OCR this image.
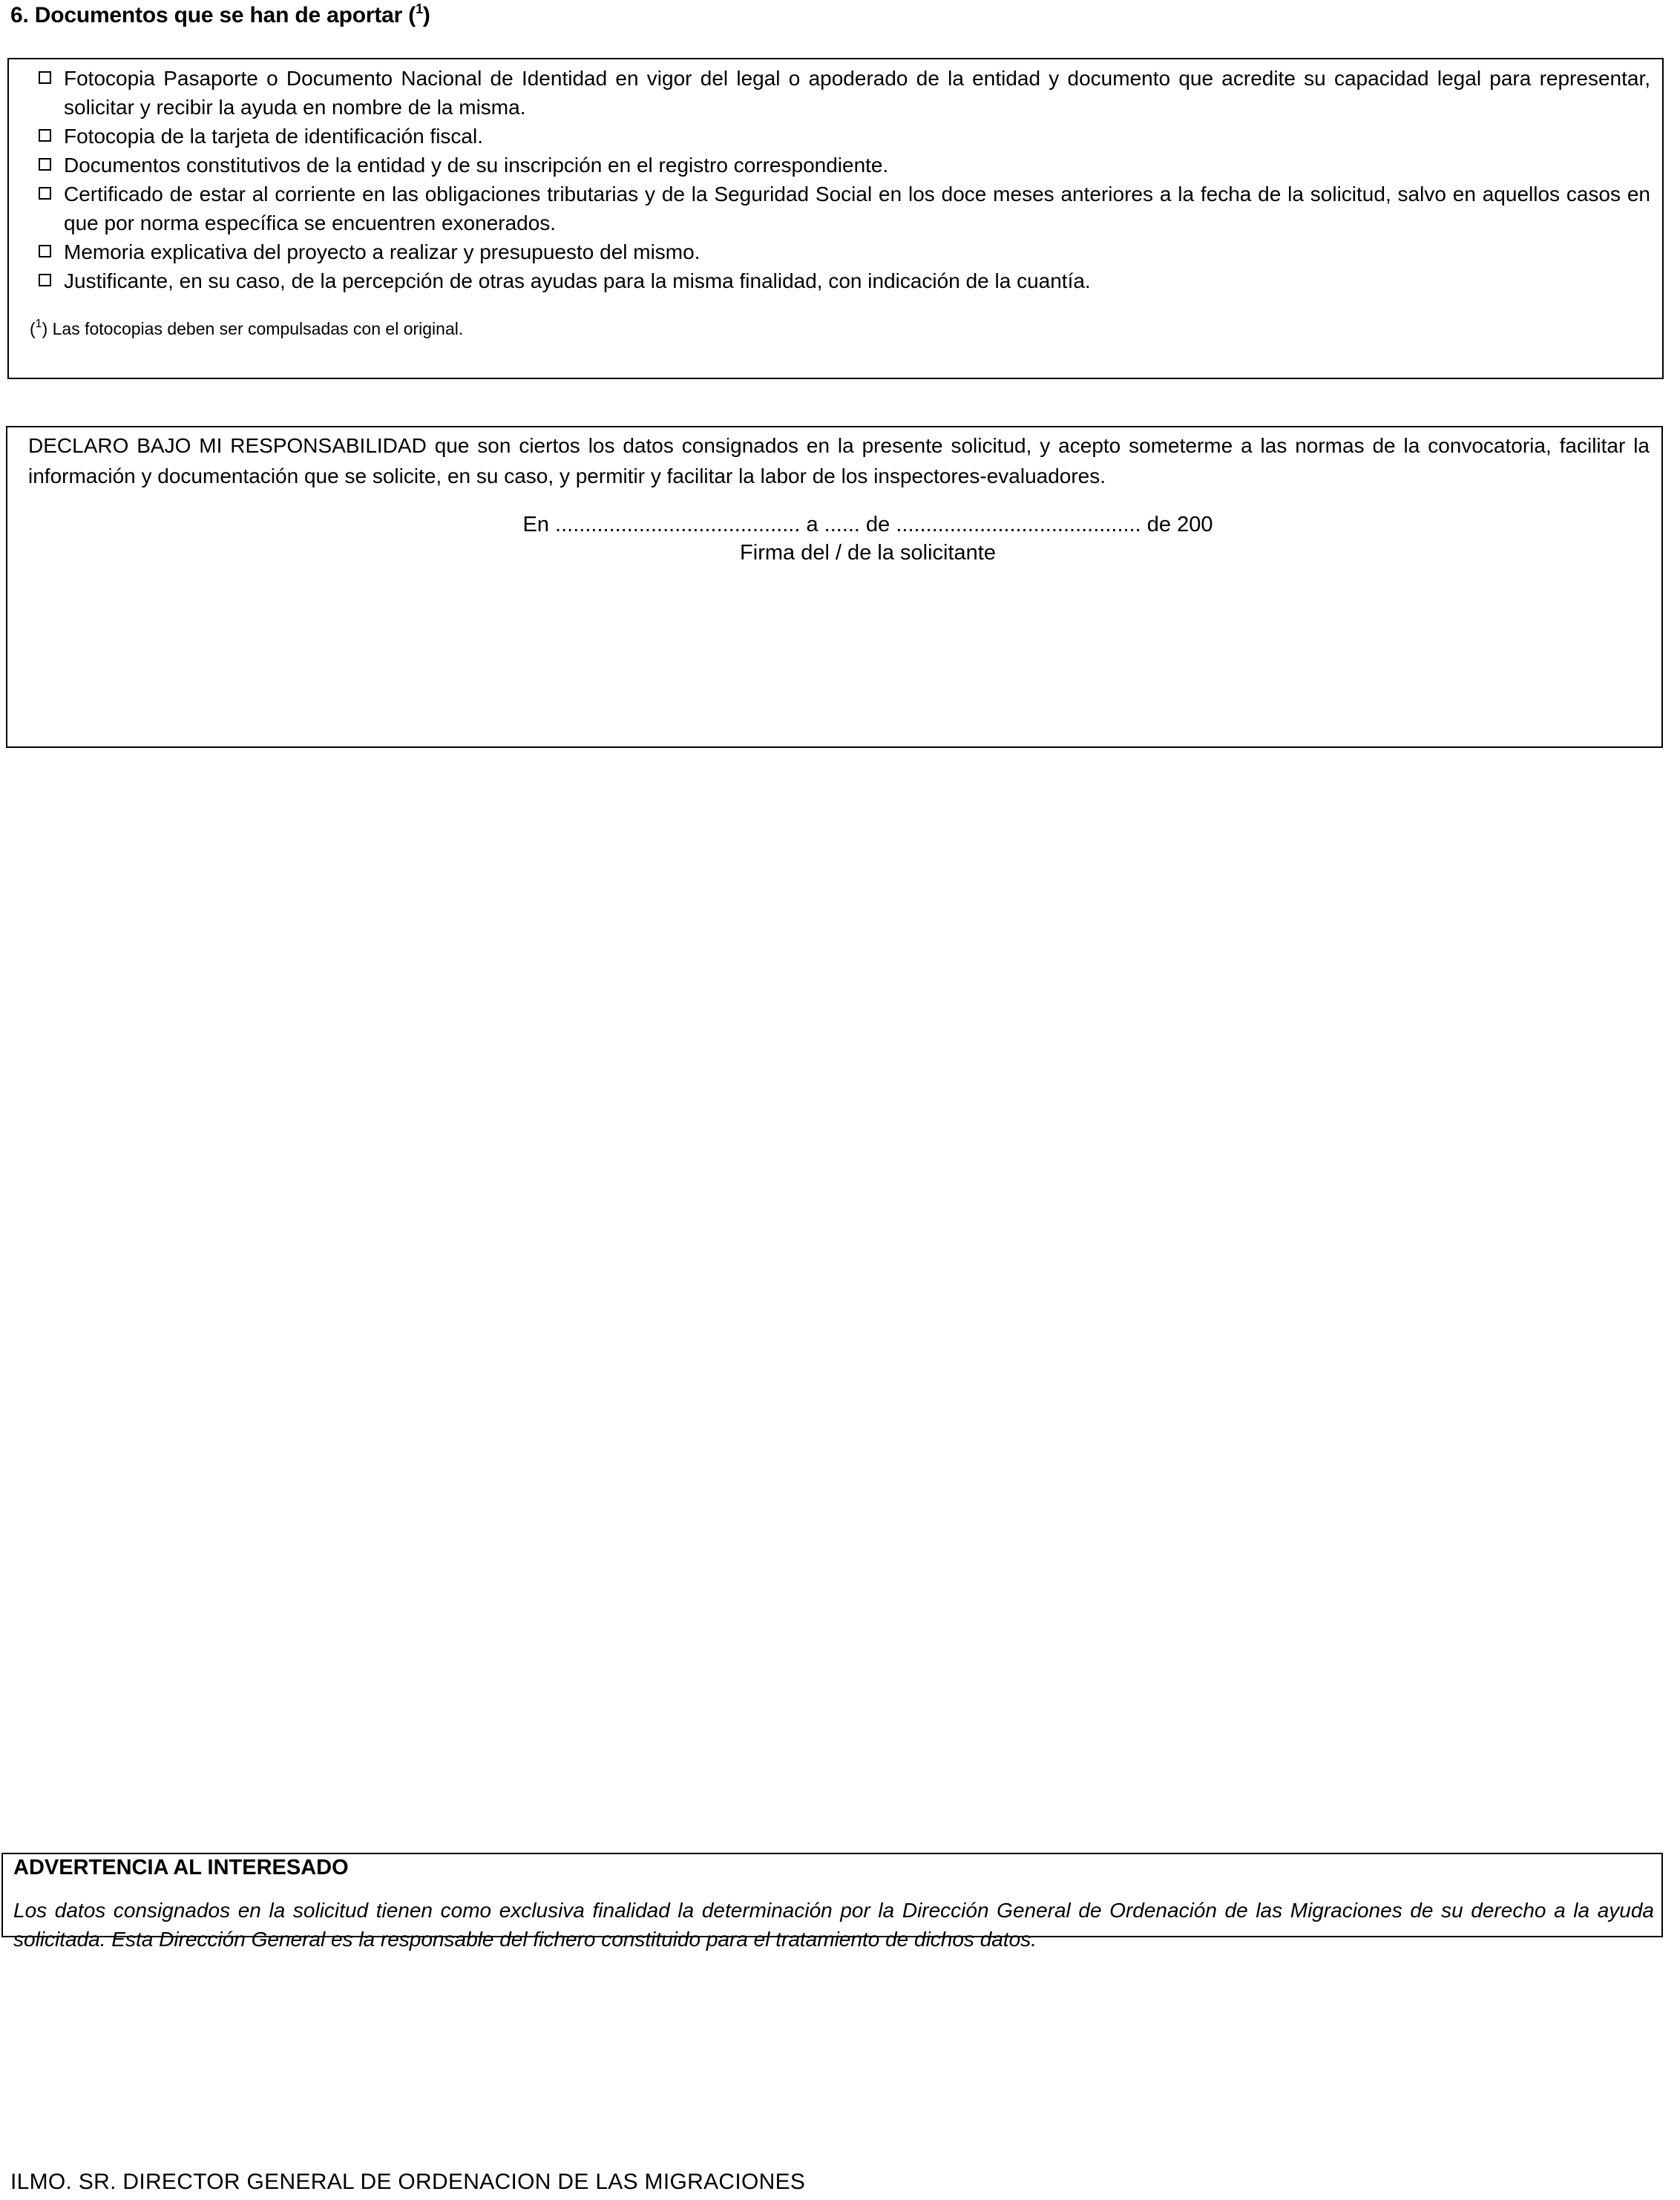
6. Documentos que se han de aportar ($^1$)
Fotocopia Pasaporte o Documento Nacional de Identidad en vigor del legal o apoderado de la entidad y documento que acredite su capacidad legal para representar, solicitar y recibir la ayuda en nombre de la misma.
Fotocopia de la tarjeta de identificación fiscal.
Documentos constitutivos de la entidad y de su inscripción en el registro correspondiente.
Certificado de estar al corriente en las obligaciones tributarias y de la Seguridad Social en los doce meses anteriores a la fecha de la solicitud, salvo en aquellos casos en que por norma específica se encuentren exonerados.
Memoria explicativa del proyecto a realizar y presupuesto del mismo.
Justificante, en su caso, de la percepción de otras ayudas para la misma finalidad, con indicación de la cuantía.
($^1$) Las fotocopias deben ser compulsadas con el original.
DECLARO BAJO MI RESPONSABILIDAD que son ciertos los datos consignados en la presente solicitud, y acepto someterme a las normas de la convocatoria, facilitar la información y documentación que se solicite, en su caso, y permitir y facilitar la labor de los inspectores-evaluadores.
En ......................................... a ...... de ......................................... de 200
Firma del / de la solicitante
ADVERTENCIA AL INTERESADO
Los datos consignados en la solicitud tienen como exclusiva finalidad la determinación por la Dirección General de Ordenación de las Migraciones de su derecho a la ayuda solicitada. Esta Dirección General es la responsable del fichero constituido para el tratamiento de dichos datos.
ILMO. SR. DIRECTOR GENERAL DE ORDENACION DE LAS MIGRACIONES
